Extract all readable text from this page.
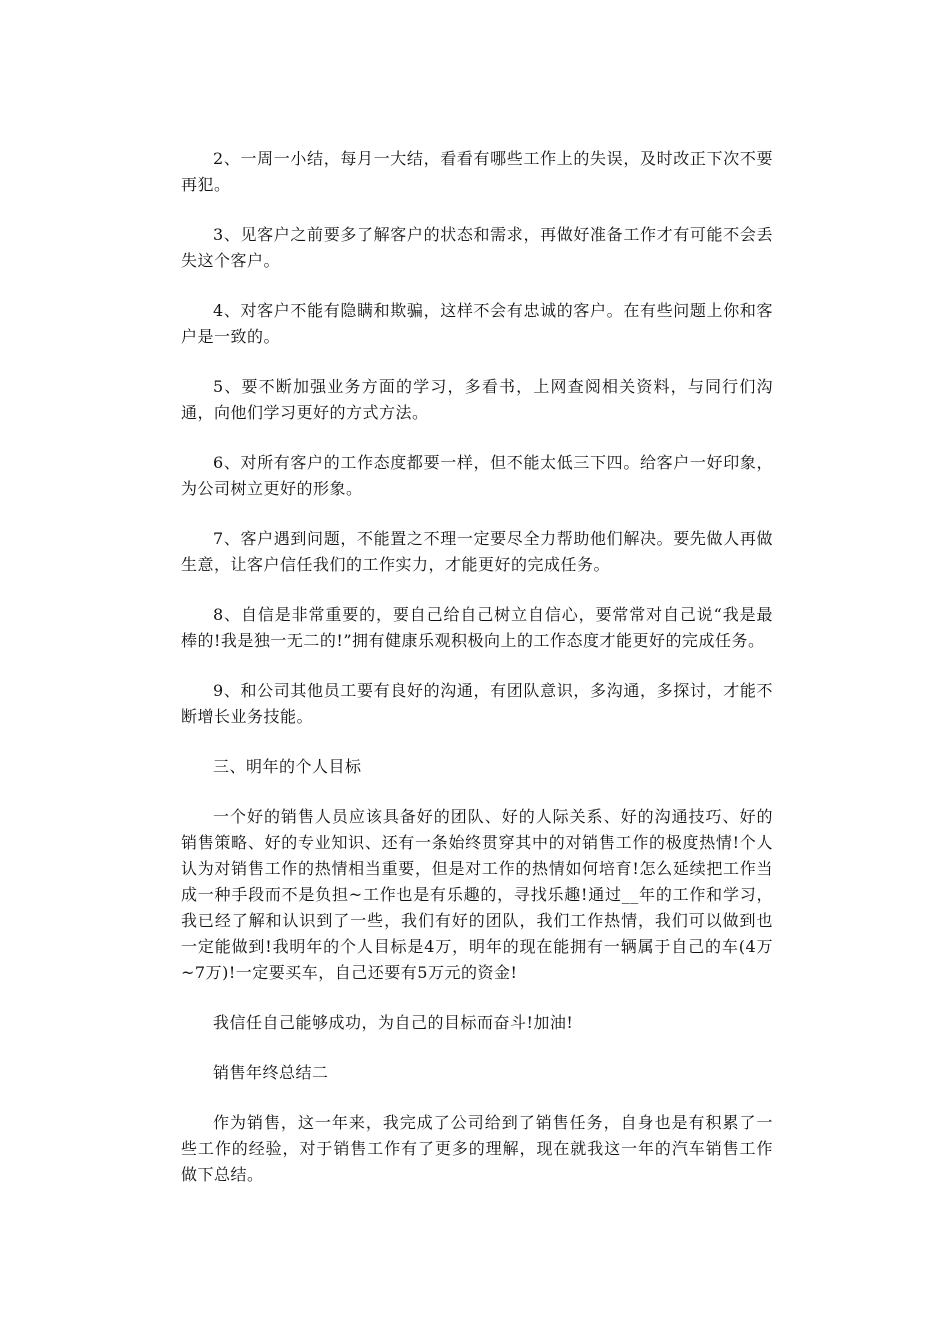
2、一周一小结，每月一大结，看看有哪些工作上的失误，及时改正下次不要再犯。

3、见客户之前要多了解客户的状态和需求，再做好准备工作才有可能不会丢失这个客户。

4、对客户不能有隐瞒和欺骗，这样不会有忠诚的客户。在有些问题上你和客户是一致的。

5、要不断加强业务方面的学习，多看书，上网查阅相关资料，与同行们沟通，向他们学习更好的方式方法。

6、对所有客户的工作态度都要一样，但不能太低三下四。给客户一好印象，为公司树立更好的形象。

7、客户遇到问题，不能置之不理一定要尽全力帮助他们解决。要先做人再做生意，让客户信任我们的工作实力，才能更好的完成任务。

8、自信是非常重要的，要自己给自己树立自信心，要常常对自己说“我是最棒的!我是独一无二的!”拥有健康乐观积极向上的工作态度才能更好的完成任务。

9、和公司其他员工要有良好的沟通，有团队意识，多沟通，多探讨，才能不断增长业务技能。

三、明年的个人目标

一个好的销售人员应该具备好的团队、好的人际关系、好的沟通技巧、好的销售策略、好的专业知识、还有一条始终贯穿其中的对销售工作的极度热情!个人认为对销售工作的热情相当重要，但是对工作的热情如何培育!怎么延续把工作当成一种手段而不是负担~工作也是有乐趣的，寻找乐趣!通过__年的工作和学习，我已经了解和认识到了一些，我们有好的团队，我们工作热情，我们可以做到也一定能做到!我明年的个人目标是4万，明年的现在能拥有一辆属于自己的车(4万~7万)!一定要买车，自己还要有5万元的资金!

我信任自己能够成功，为自己的目标而奋斗!加油!

销售年终总结二

作为销售，这一年来，我完成了公司给到了销售任务，自身也是有积累了一些工作的经验，对于销售工作有了更多的理解，现在就我这一年的汽车销售工作做下总结。
